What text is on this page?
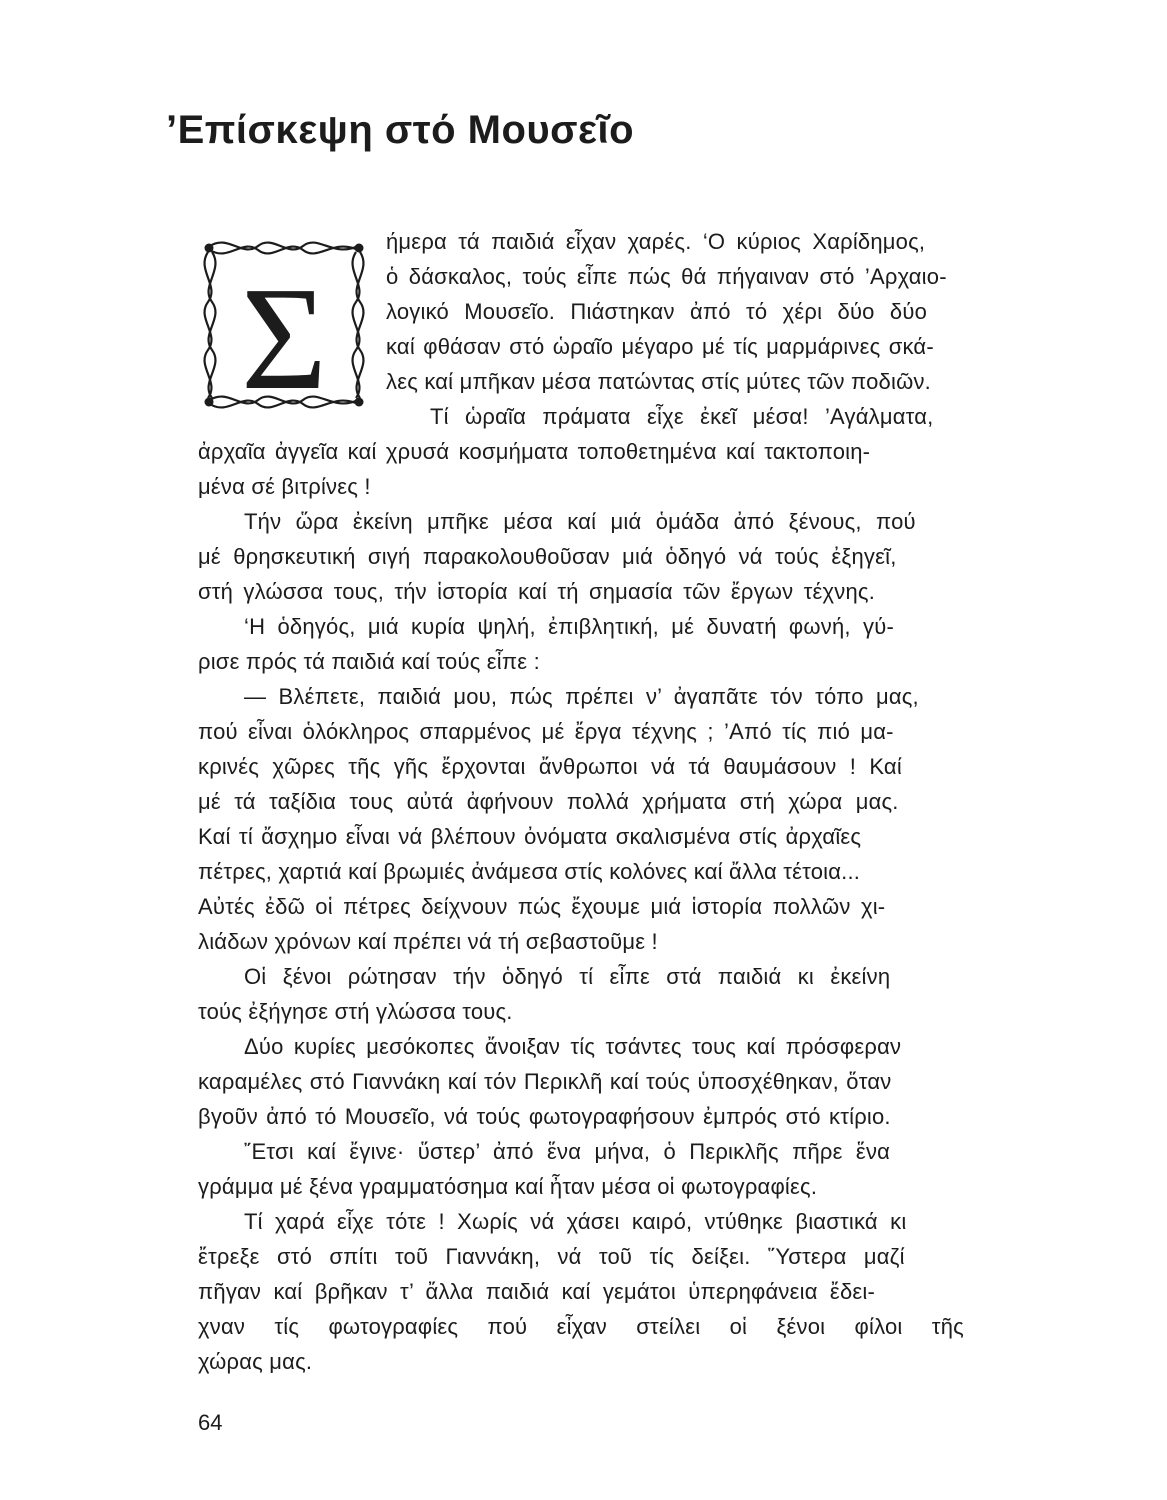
’Επίσκεψη στό Μουσεῖο
Σ
ήμερα τά παιδιά εἶχαν χαρές. ‘Ο κύριος Χαρίδημος,
ὁ δάσκαλος, τούς εἶπε πώς θά πήγαιναν στό ’Αρχαιο-
λογικό Μουσεῖο. Πιάστηκαν ἀπό τό χέρι δύο δύο
καί φθάσαν στό ὡραῖο μέγαρο μέ τίς μαρμάρινες σκά-
λες καί μπῆκαν μέσα πατώντας στίς μύτες τῶν ποδιῶν.
Τί ὡραῖα πράματα εἶχε ἐκεῖ μέσα! ’Αγάλματα,
ἀρχαῖα ἀγγεῖα καί χρυσά κοσμήματα τοποθετημένα καί τακτοποιη-
μένα σέ βιτρίνες !
Τήν ὥρα ἐκείνη μπῆκε μέσα καί μιά ὁμάδα ἀπό ξένους, πού
μέ θρησκευτική σιγή παρακολουθοῦσαν μιά ὁδηγό νά τούς ἐξηγεῖ,
στή γλώσσα τους, τήν ἱστορία καί τή σημασία τῶν ἔργων τέχνης.
‘Η ὁδηγός, μιά κυρία ψηλή, ἐπιβλητική, μέ δυνατή φωνή, γύ-
ρισε πρός τά παιδιά καί τούς εἶπε :
— Βλέπετε, παιδιά μου, πώς πρέπει ν’ ἀγαπᾶτε τόν τόπο μας,
πού εἶναι ὁλόκληρος σπαρμένος μέ ἔργα τέχνης ; ’Από τίς πιό μα-
κρινές χῶρες τῆς γῆς ἔρχονται ἄνθρωποι νά τά θαυμάσουν ! Καί
μέ τά ταξίδια τους αὐτά ἀφήνουν πολλά χρήματα στή χώρα μας.
Καί τί ἄσχημο εἶναι νά βλέπουν ὀνόματα σκαλισμένα στίς ἀρχαῖες
πέτρες, χαρτιά καί βρωμιές ἀνάμεσα στίς κολόνες καί ἄλλα τέτοια...
Αὐτές ἐδῶ οἱ πέτρες δείχνουν πώς ἔχουμε μιά ἱστορία πολλῶν χι-
λιάδων χρόνων καί πρέπει νά τή σεβαστοῦμε !
Οἱ ξένοι ρώτησαν τήν ὁδηγό τί εἶπε στά παιδιά κι ἐκείνη
τούς ἐξήγησε στή γλώσσα τους.
Δύο κυρίες μεσόκοπες ἄνοιξαν τίς τσάντες τους καί πρόσφεραν
καραμέλες στό Γιαννάκη καί τόν Περικλῆ καί τούς ὑποσχέθηκαν, ὅταν
βγοῦν ἀπό τό Μουσεῖο, νά τούς φωτογραφήσουν ἐμπρός στό κτίριο.
῎Ετσι καί ἔγινε· ὕστερ’ ἀπό ἕνα μήνα, ὁ Περικλῆς πῆρε ἕνα
γράμμα μέ ξένα γραμματόσημα καί ἦταν μέσα οἱ φωτογραφίες.
Τί χαρά εἶχε τότε ! Χωρίς νά χάσει καιρό, ντύθηκε βιαστικά κι
ἔτρεξε στό σπίτι τοῦ Γιαννάκη, νά τοῦ τίς δείξει. ῞Υστερα μαζί
πῆγαν καί βρῆκαν τ’ ἄλλα παιδιά καί γεμάτοι ὑπερηφάνεια ἔδει-
χναν τίς φωτογραφίες πού εἶχαν στείλει οἱ ξένοι φίλοι τῆς
χώρας μας.
64
